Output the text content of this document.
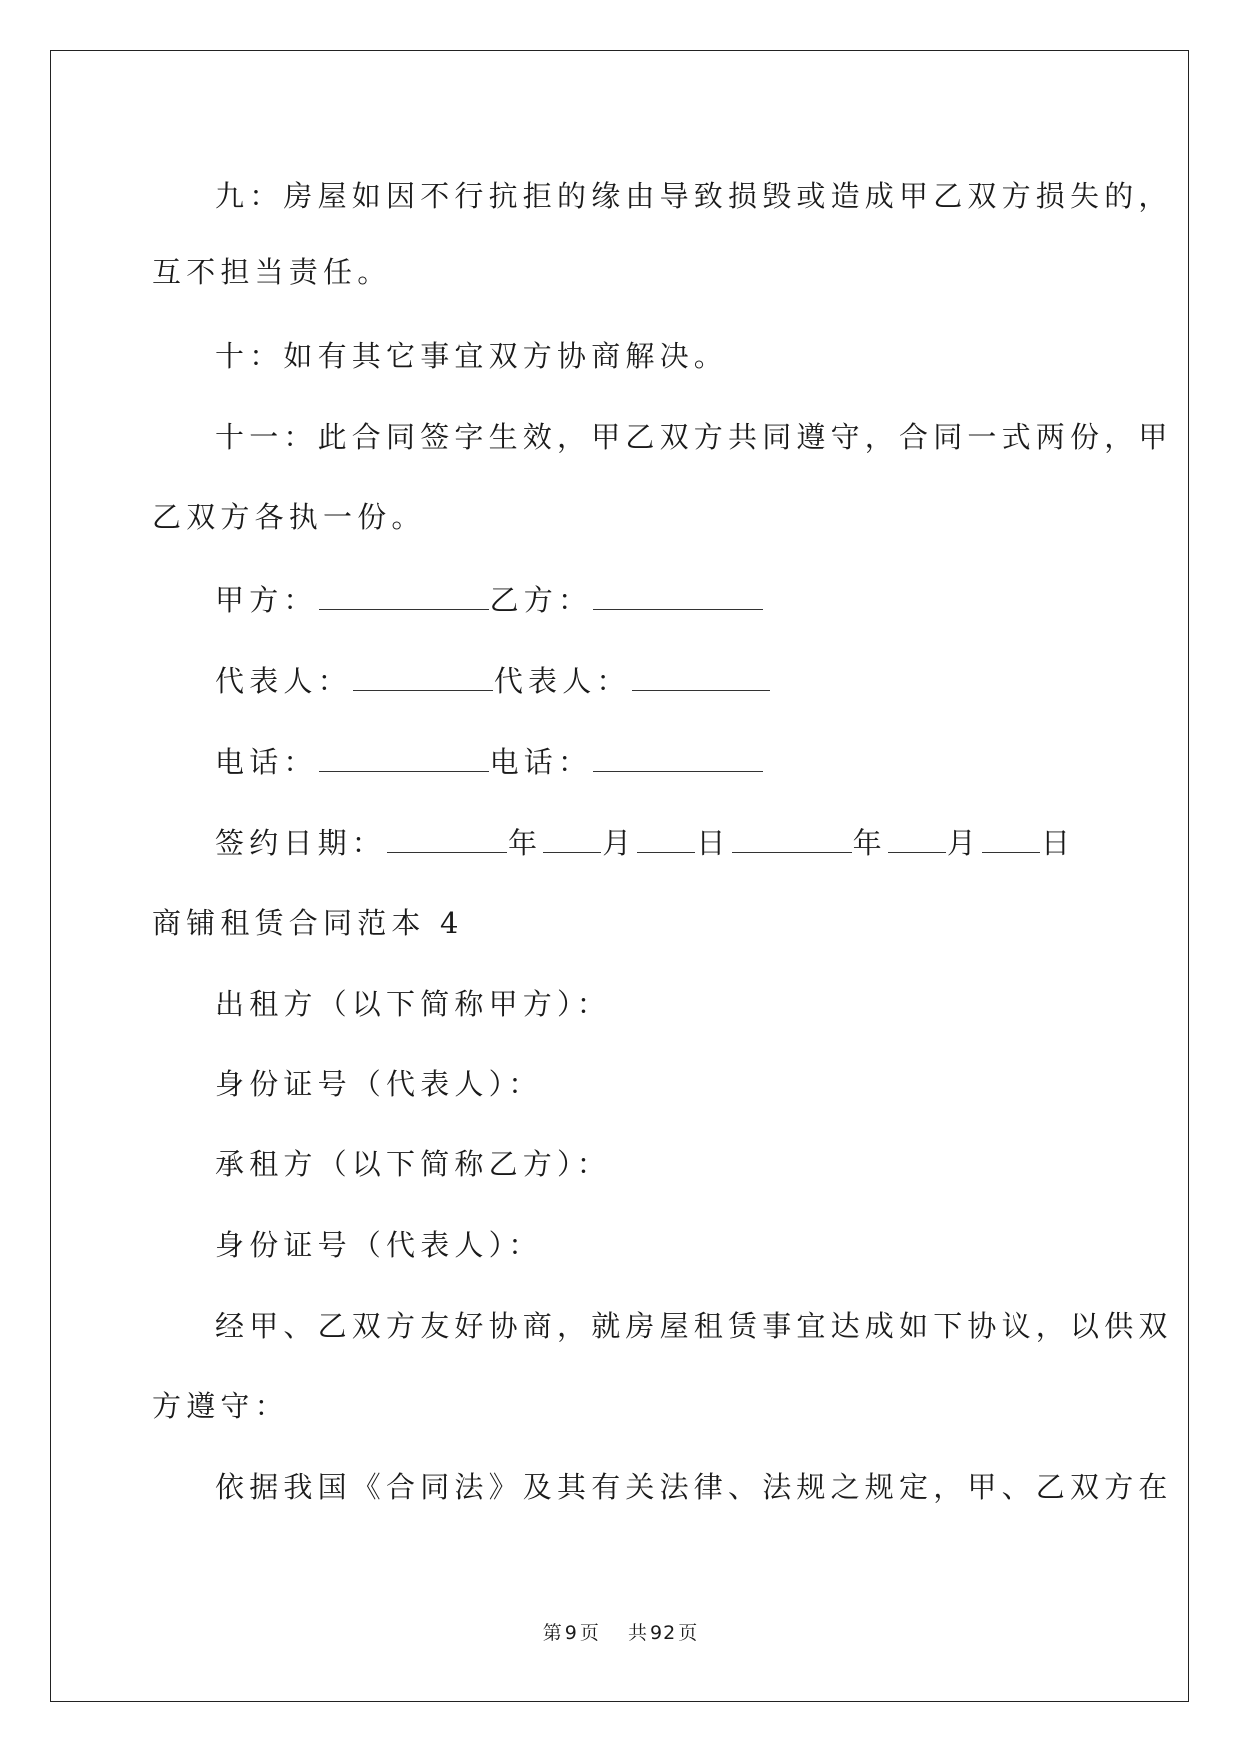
九：房屋如因不行抗拒的缘由导致损毁或造成甲乙双方损失的，
互不担当责任。
十：如有其它事宜双方协商解决。
十一：此合同签字生效，甲乙双方共同遵守，合同一式两份，甲
乙双方各执一份。
甲方：	乙方：
代表人：	代表人：
电话：	电话：
签约日期：	年 月 日	年 月 日
商铺租赁合同范本 4
出租方（以下简称甲方）：
身份证号（代表人）：
承租方（以下简称乙方）：
身份证号（代表人）：
经甲、乙双方友好协商，就房屋租赁事宜达成如下协议，以供双
方遵守：
依据我国《合同法》及其有关法律、法规之规定，甲、乙双方在
第 9 页 共 92 页
